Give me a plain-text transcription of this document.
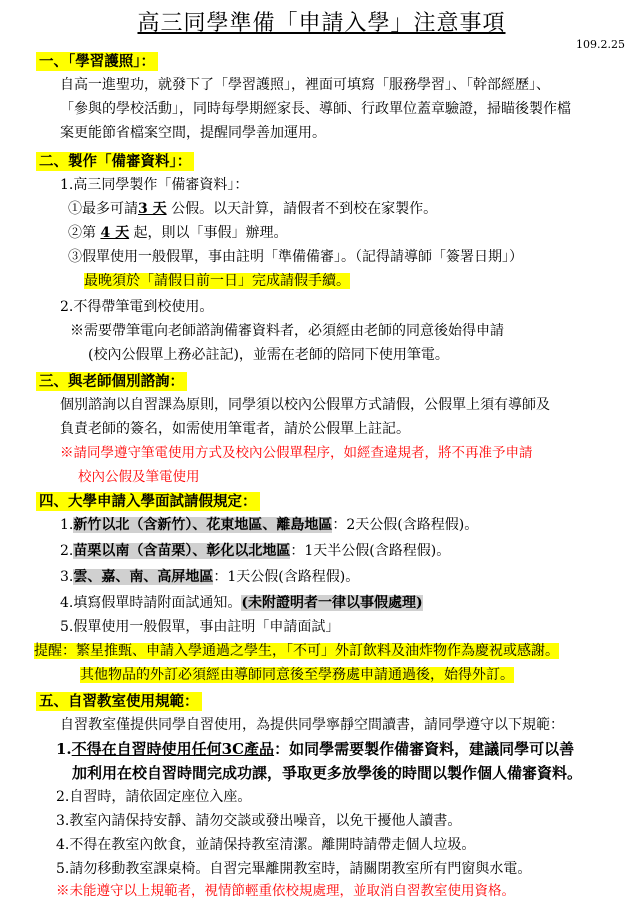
高三同學準備「申請入學」注意事項
109.2.25
一、「學習護照」：
自高一進聖功，就發下了「學習護照」，裡面可填寫「服務學習」、「幹部經歷」、
「參與的學校活動」，同時每學期經家長、導師、行政單位蓋章驗證，掃瞄後製作檔
案更能節省檔案空間，提醒同學善加運用。
二、製作「備審資料」：
1.高三同學製作「備審資料」：
①最多可請3 天 公假。以天計算，請假者不到校在家製作。
②第 4 天 起，則以「事假」辦理。
③假單使用一般假單，事由註明「準備備審」。（記得請導師「簽署日期」）
最晚須於「請假日前一日」完成請假手續。
2.不得帶筆電到校使用。
※需要帶筆電向老師諮詢備審資料者，必須經由老師的同意後始得申請
(校內公假單上務必註記)，並需在老師的陪同下使用筆電。
三、與老師個別諮詢：
個別諮詢以自習課為原則，同學須以校內公假單方式請假，公假單上須有導師及
負責老師的簽名，如需使用筆電者，請於公假單上註記。
※請同學遵守筆電使用方式及校內公假單程序，如經查違規者，將不再准予申請
校內公假及筆電使用
四、大學申請入學面試請假規定：
1.新竹以北（含新竹）、花東地區、離島地區：2天公假(含路程假)。
2.苗栗以南（含苗栗）、彰化以北地區：1天半公假(含路程假)。
3.雲、嘉、南、高屏地區：1天公假(含路程假)。
4.填寫假單時請附面試通知。(未附證明者一律以事假處理)
5.假單使用一般假單，事由註明「申請面試」
提醒：繁星推甄、申請入學通過之學生，「不可」外訂飲料及油炸物作為慶祝或感謝。
其他物品的外訂必須經由導師同意後至學務處申請通過後，始得外訂。
五、自習教室使用規範：
自習教室僅提供同學自習使用，為提供同學寧靜空間讀書，請同學遵守以下規範：
1.不得在自習時使用任何3C產品：如同學需要製作備審資料，建議同學可以善
加利用在校自習時間完成功課，爭取更多放學後的時間以製作個人備審資料。
2.自習時，請依固定座位入座。
3.教室內請保持安靜、請勿交談或發出噪音，以免干擾他人讀書。
4.不得在教室內飲食，並請保持教室清潔。離開時請帶走個人垃圾。
5.請勿移動教室課桌椅。自習完畢離開教室時，請關閉教室所有門窗與水電。
※未能遵守以上規範者，視情節輕重依校規處理，並取消自習教室使用資格。
